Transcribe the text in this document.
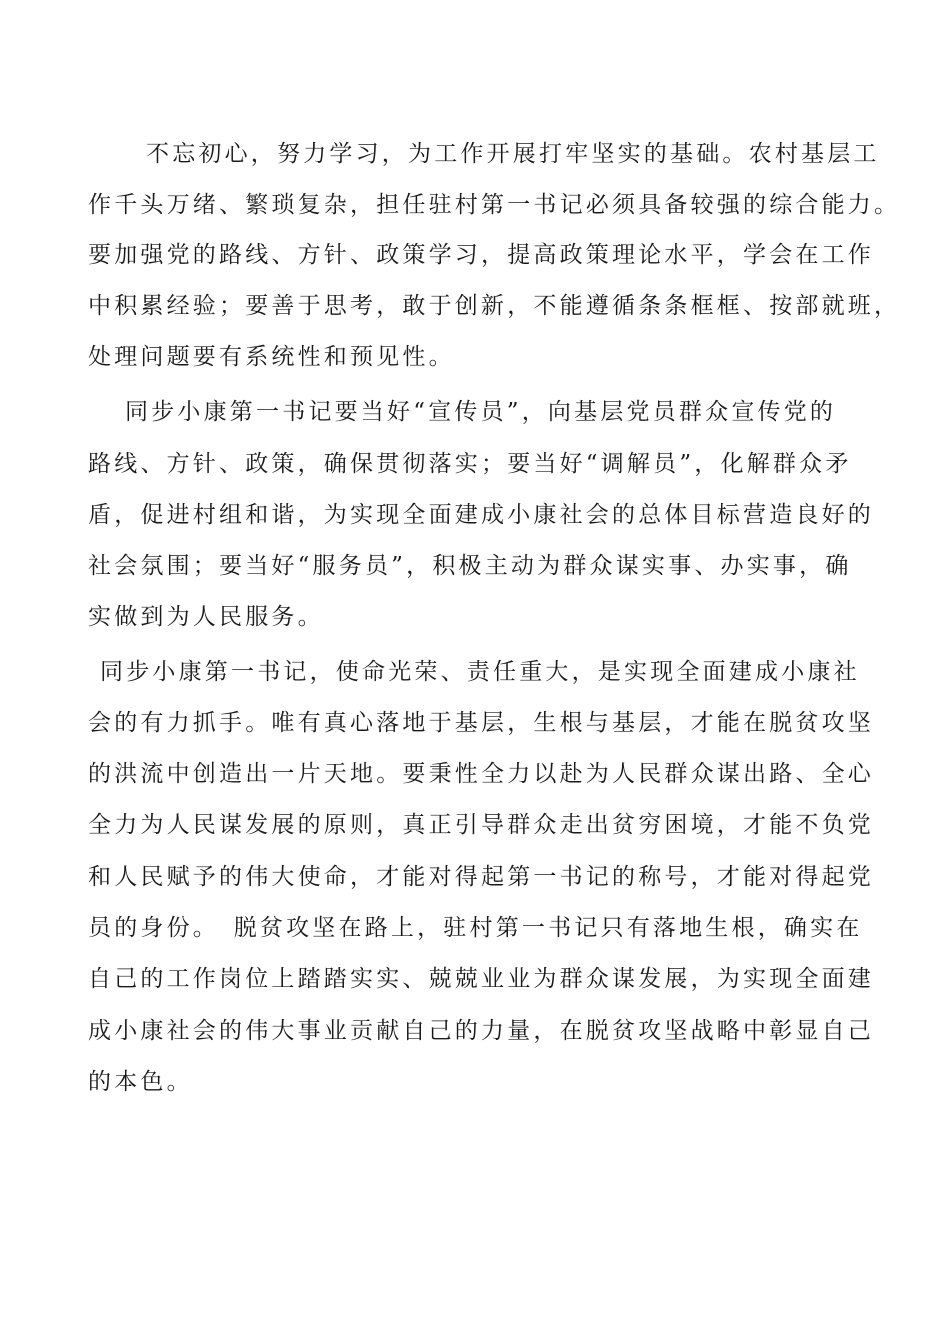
不忘初心，努力学习，为工作开展打牢坚实的基础。农村基层工
作千头万绪、繁琐复杂，担任驻村第一书记必须具备较强的综合能力。
要加强党的路线、方针、政策学习，提高政策理论水平，学会在工作
中积累经验；要善于思考，敢于创新，不能遵循条条框框、按部就班，
处理问题要有系统性和预见性。
同步小康第一书记要当好“宣传员”，向基层党员群众宣传党的
路线、方针、政策，确保贯彻落实；要当好“调解员”，化解群众矛
盾，促进村组和谐，为实现全面建成小康社会的总体目标营造良好的
社会氛围；要当好“服务员”，积极主动为群众谋实事、办实事，确
实做到为人民服务。
同步小康第一书记，使命光荣、责任重大，是实现全面建成小康社
会的有力抓手。唯有真心落地于基层，生根与基层，才能在脱贫攻坚
的洪流中创造出一片天地。要秉性全力以赴为人民群众谋出路、全心
全力为人民谋发展的原则，真正引导群众走出贫穷困境，才能不负党
和人民赋予的伟大使命，才能对得起第一书记的称号，才能对得起党
员的身份。　脱贫攻坚在路上，驻村第一书记只有落地生根，确实在
自己的工作岗位上踏踏实实、兢兢业业为群众谋发展，为实现全面建
成小康社会的伟大事业贡献自己的力量，在脱贫攻坚战略中彰显自己
的本色。
